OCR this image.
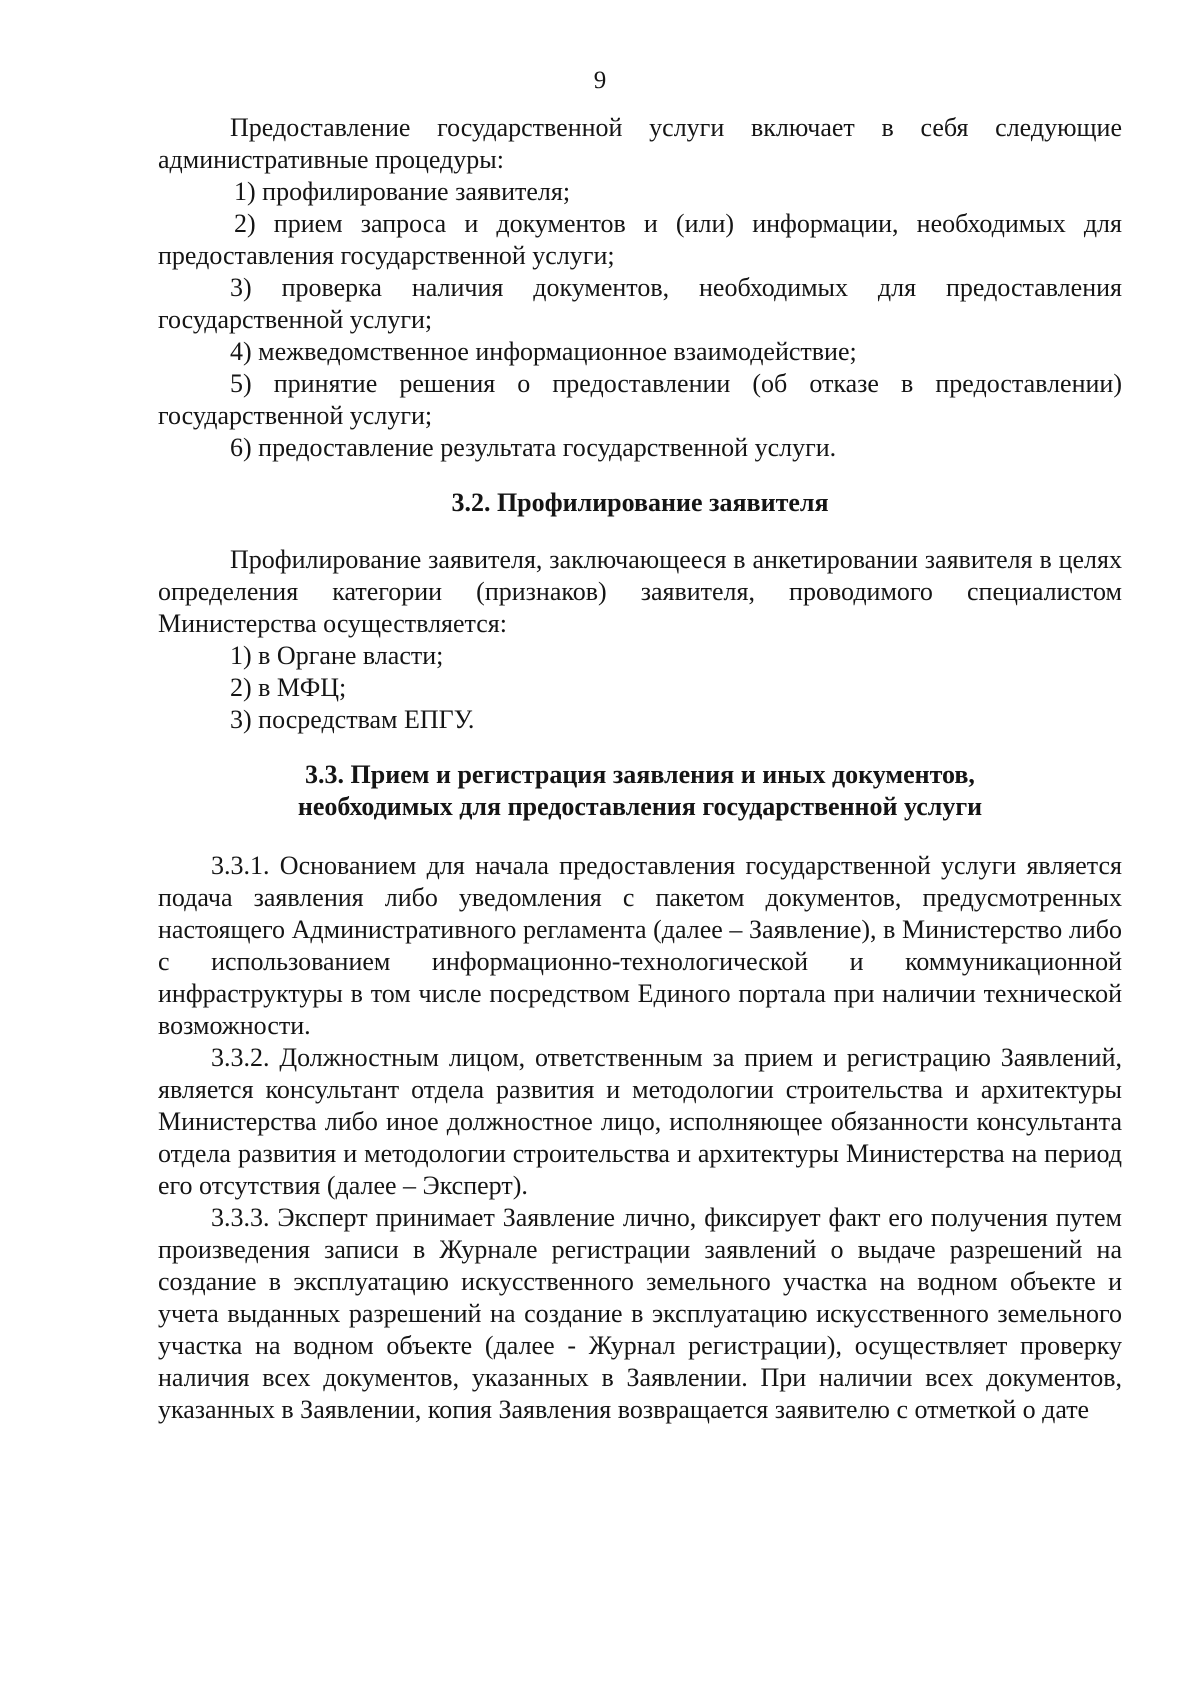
9

Предоставление государственной услуги включает в себя следующие административные процедуры:

1) профилирование заявителя;

2) прием запроса и документов и (или) информации, необходимых для предоставления государственной услуги;

3) проверка наличия документов, необходимых для предоставления государственной услуги;

4) межведомственное информационное взаимодействие;

5) принятие решения о предоставлении (об отказе в предоставлении) государственной услуги;

6) предоставление результата государственной услуги.

3.2. Профилирование заявителя

Профилирование заявителя, заключающееся в анкетировании заявителя в целях определения категории (признаков) заявителя, проводимого специалистом Министерства осуществляется:

1) в Органе власти;

2) в МФЦ;

3) посредствам ЕПГУ.

3.3. Прием и регистрация заявления и иных документов,
необходимых для предоставления государственной услуги

3.3.1. Основанием для начала предоставления государственной услуги является подача заявления либо уведомления с пакетом документов, предусмотренных настоящего Административного регламента (далее – Заявление), в Министерство либо с использованием информационно-технологической и коммуникационной инфраструктуры в том числе посредством Единого портала при наличии технической возможности.

3.3.2. Должностным лицом, ответственным за прием и регистрацию Заявлений, является консультант отдела развития и методологии строительства и архитектуры Министерства либо иное должностное лицо, исполняющее обязанности консультанта отдела развития и методологии строительства и архитектуры Министерства на период его отсутствия (далее – Эксперт).

3.3.3. Эксперт принимает Заявление лично, фиксирует факт его получения путем произведения записи в Журнале регистрации заявлений о выдаче разрешений на создание в эксплуатацию искусственного земельного участка на водном объекте и учета выданных разрешений на создание в эксплуатацию искусственного земельного участка на водном объекте (далее - Журнал регистрации), осуществляет проверку наличия всех документов, указанных в Заявлении. При наличии всех документов, указанных в Заявлении, копия Заявления возвращается заявителю с отметкой о дате
